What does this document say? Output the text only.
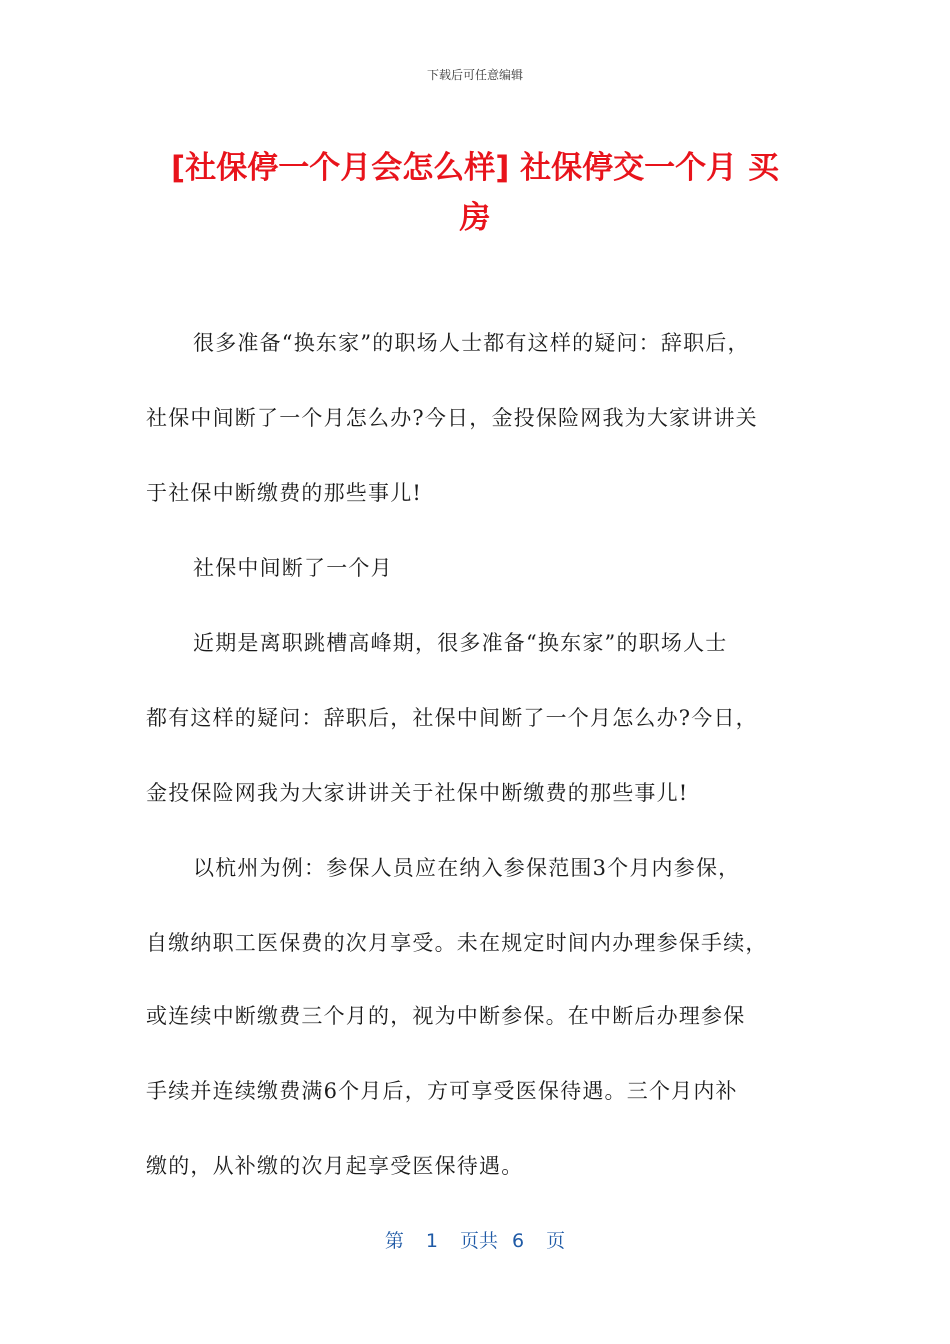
下载后可任意编辑
[社保停一个月会怎么样] 社保停交一个月 买
房
很多准备“换东家”的职场人士都有这样的疑问：辞职后，
社保中间断了一个月怎么办?今日，金投保险网我为大家讲讲关
于社保中断缴费的那些事儿!
社保中间断了一个月
近期是离职跳槽高峰期，很多准备“换东家”的职场人士
都有这样的疑问：辞职后，社保中间断了一个月怎么办?今日，
金投保险网我为大家讲讲关于社保中断缴费的那些事儿!
以杭州为例：参保人员应在纳入参保范围3个月内参保，
自缴纳职工医保费的次月享受。未在规定时间内办理参保手续，
或连续中断缴费三个月的，视为中断参保。在中断后办理参保
手续并连续缴费满6个月后，方可享受医保待遇。三个月内补
缴的，从补缴的次月起享受医保待遇。
第 1 页共 6 页
